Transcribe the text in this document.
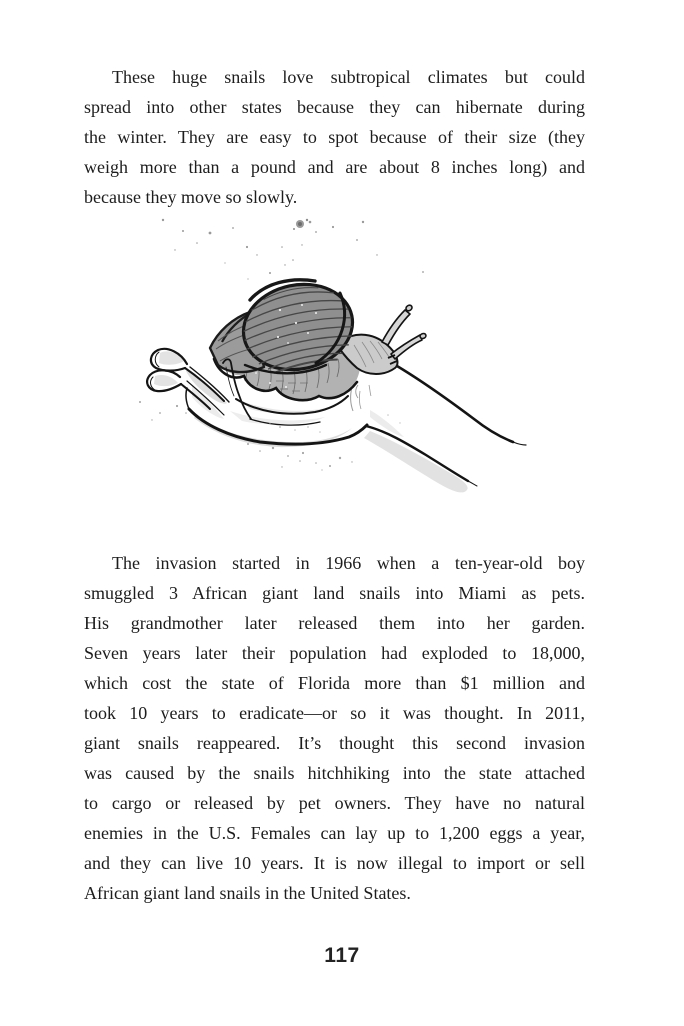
These huge snails love subtropical climates but could
spread into other states because they can hibernate during
the winter. They are easy to spot because of their size (they
weigh more than a pound and are about 8 inches long) and
because they move so slowly.
The invasion started in 1966 when a ten-year-old boy
smuggled 3 African giant land snails into Miami as pets.
His grandmother later released them into her garden.
Seven years later their population had exploded to 18,000,
which cost the state of Florida more than $1 million and
took 10 years to eradicate—or so it was thought. In 2011,
giant snails reappeared. It’s thought this second invasion
was caused by the snails hitchhiking into the state attached
to cargo or released by pet owners. They have no natural
enemies in the U.S. Females can lay up to 1,200 eggs a year,
and they can live 10 years. It is now illegal to import or sell
African giant land snails in the United States.
117
